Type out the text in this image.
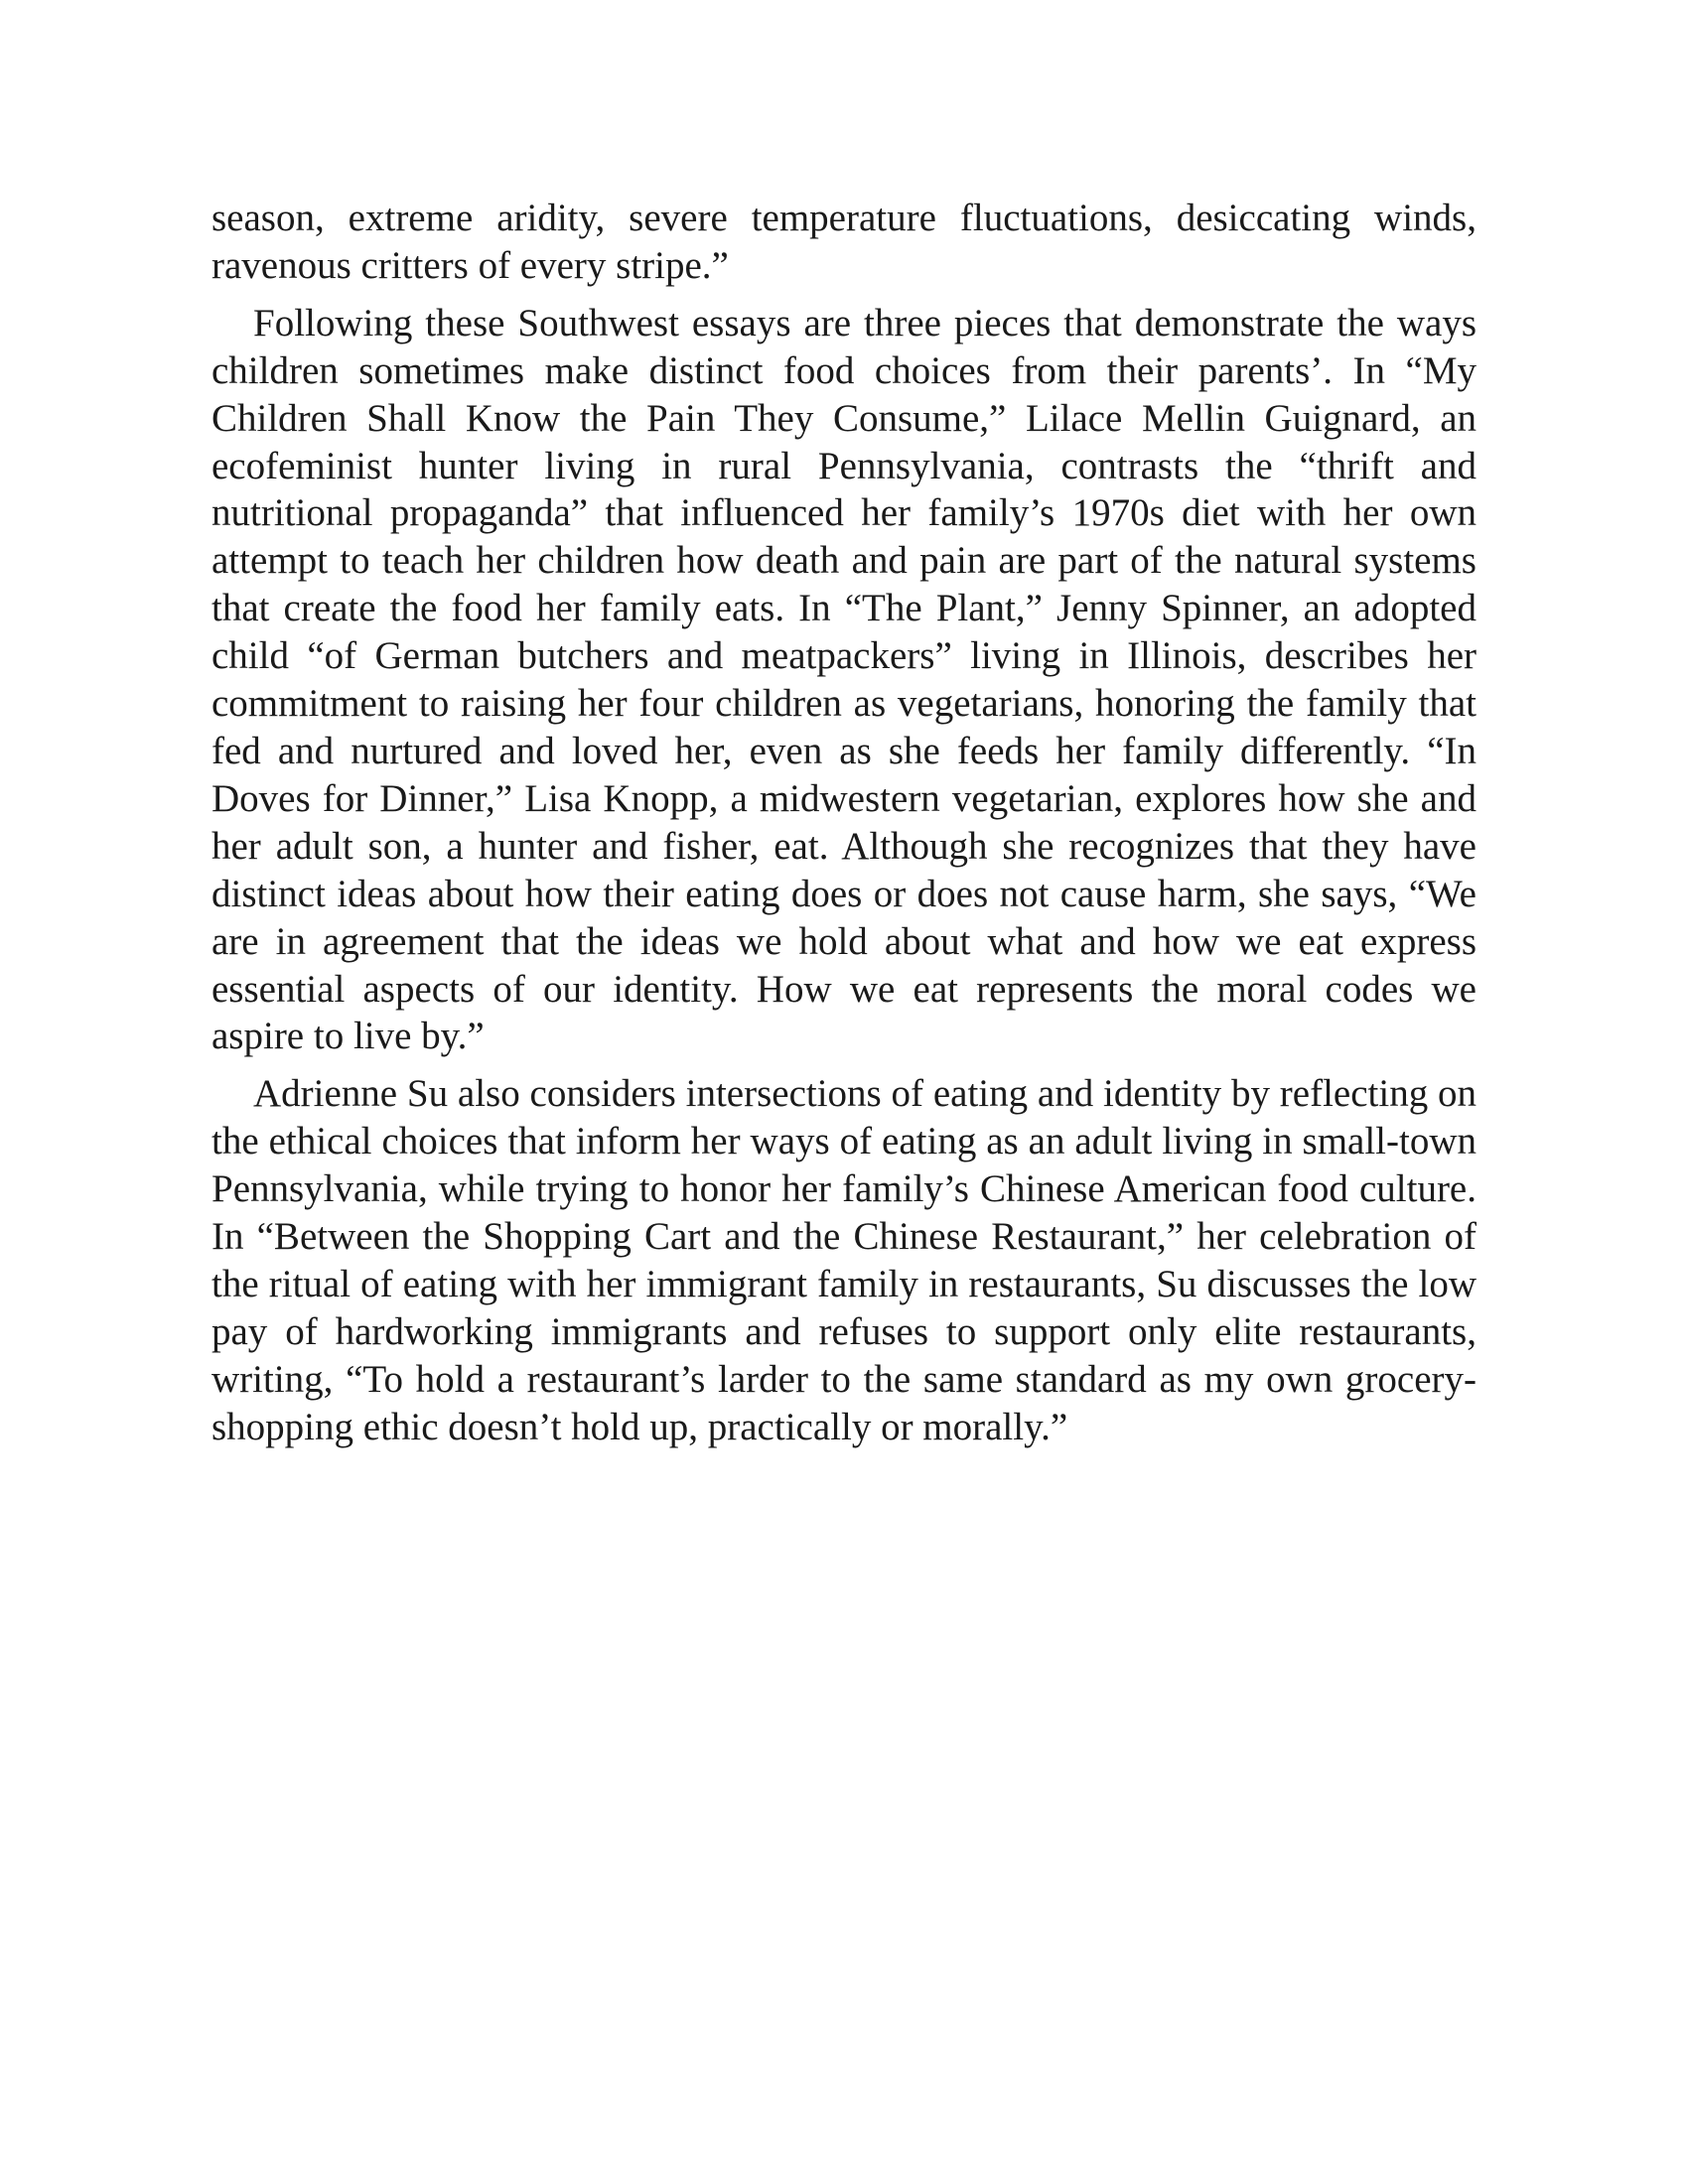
season, extreme aridity, severe temperature fluctuations, desiccating winds, ravenous critters of every stripe.”

Following these Southwest essays are three pieces that demonstrate the ways children sometimes make distinct food choices from their parents’. In “My Children Shall Know the Pain They Consume,” Lilace Mellin Guignard, an ecofeminist hunter living in rural Pennsylvania, contrasts the “thrift and nutritional propaganda” that influenced her family’s 1970s diet with her own attempt to teach her children how death and pain are part of the natural systems that create the food her family eats. In “The Plant,” Jenny Spinner, an adopted child “of German butchers and meatpackers” living in Illinois, describes her commitment to raising her four children as vegetarians, honoring the family that fed and nurtured and loved her, even as she feeds her family differently. “In Doves for Dinner,” Lisa Knopp, a midwestern vegetarian, explores how she and her adult son, a hunter and fisher, eat. Although she recognizes that they have distinct ideas about how their eating does or does not cause harm, she says, “We are in agreement that the ideas we hold about what and how we eat express essential aspects of our identity. How we eat represents the moral codes we aspire to live by.”

Adrienne Su also considers intersections of eating and identity by reflecting on the ethical choices that inform her ways of eating as an adult living in small-town Pennsylvania, while trying to honor her family’s Chinese American food culture. In “Between the Shopping Cart and the Chinese Restaurant,” her celebration of the ritual of eating with her immigrant family in restaurants, Su discusses the low pay of hardworking immigrants and refuses to support only elite restaurants, writing, “To hold a restaurant’s larder to the same standard as my own grocery-shopping ethic doesn’t hold up, practically or morally.”
